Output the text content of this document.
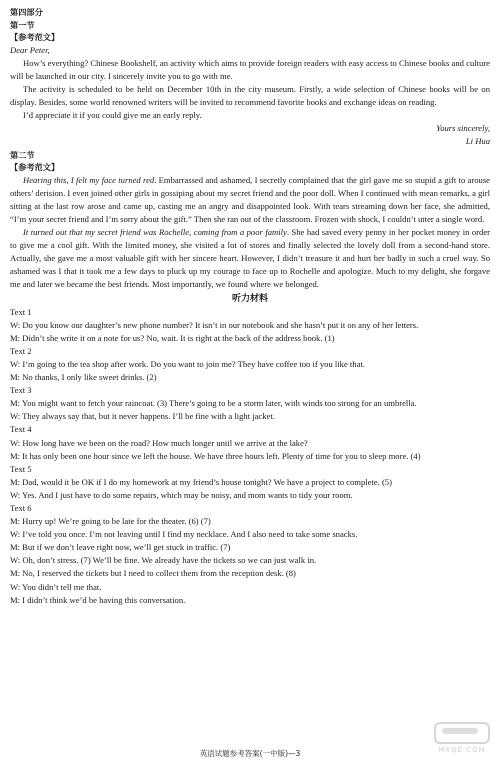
第四部分

第一节

【参考范文】

Dear Peter,

How’s everything? Chinese Bookshelf, an activity which aims to provide foreign readers with easy access to Chinese books and culture will be launched in our city. I sincerely invite you to go with me.

The activity is scheduled to be held on December 10th in the city museum. Firstly, a wide selection of Chinese books will be on display. Besides, some world renowned writers will be invited to recommend favorite books and exchange ideas on reading.

I’d appreciate it if you could give me an early reply.

Yours sincerely,

Li Hua

第二节

【参考范文】

Hearing this, I felt my face turned red. Embarrassed and ashamed, I secretly complained that the girl gave me so stupid a gift to arouse others’ derision. I even joined other girls in gossiping about my secret friend and the poor doll. When I continued with mean remarks, a girl sitting at the last row arose and came up, casting me an angry and disappointed look. With tears streaming down her face, she admitted, “I’m your secret friend and I’m sorry about the gift.” Then she ran out of the classroom. Frozen with shock, I couldn’t utter a single word.

It turned out that my secret friend was Rochelle, coming from a poor family. She had saved every penny in her pocket money in order to give me a cool gift. With the limited money, she visited a lot of stores and finally selected the lovely doll from a second-hand store. Actually, she gave me a most valuable gift with her sincere heart. However, I didn’t treasure it and hurt her badly in such a cruel way. So ashamed was I that it took me a few days to pluck up my courage to face up to Rochelle and apologize. Much to my delight, she forgave me and later we became the best friends. Most importantly, we found where we belonged.

听力材料

Text 1

W: Do you know our daughter’s new phone number? It isn’t in our notebook and she hasn’t put it on any of her letters.

M: Didn’t she write it on a note for us? No, wait. It is right at the back of the address book. (1)

Text 2

W: I’m going to the tea shop after work. Do you want to join me? They have coffee too if you like that.

M: No thanks, I only like sweet drinks. (2)

Text 3

M: You might want to fetch your raincoat. (3) There’s going to be a storm later, with winds too strong for an umbrella.

W: They always say that, but it never happens. I’ll be fine with a light jacket.

Text 4

W: How long have we been on the road? How much longer until we arrive at the lake?

M: It has only been one hour since we left the house. We have three hours left. Plenty of time for you to sleep more. (4)

Text 5

M: Dad, would it be OK if I do my homework at my friend’s house tonight? We have a project to complete. (5)

W: Yes. And I just have to do some repairs, which may be noisy, and mom wants to tidy your room.

Text 6

M: Hurry up! We’re going to be late for the theater. (6) (7)

W: I’ve told you once. I’m not leaving until I find my necklace. And I also need to take some snacks.

M: But if we don’t leave right now, we’ll get stuck in traffic. (7)

W: Oh, don’t stress. (7) We’ll be fine. We already have the tickets so we can just walk in.

M: No, I reserved the tickets but I need to collect them from the reception desk. (8)

W: You didn’t tell me that.

M: I didn’t think we’d be having this conversation.

英语试题参考答案(一中版)—3	MXQE.COM
